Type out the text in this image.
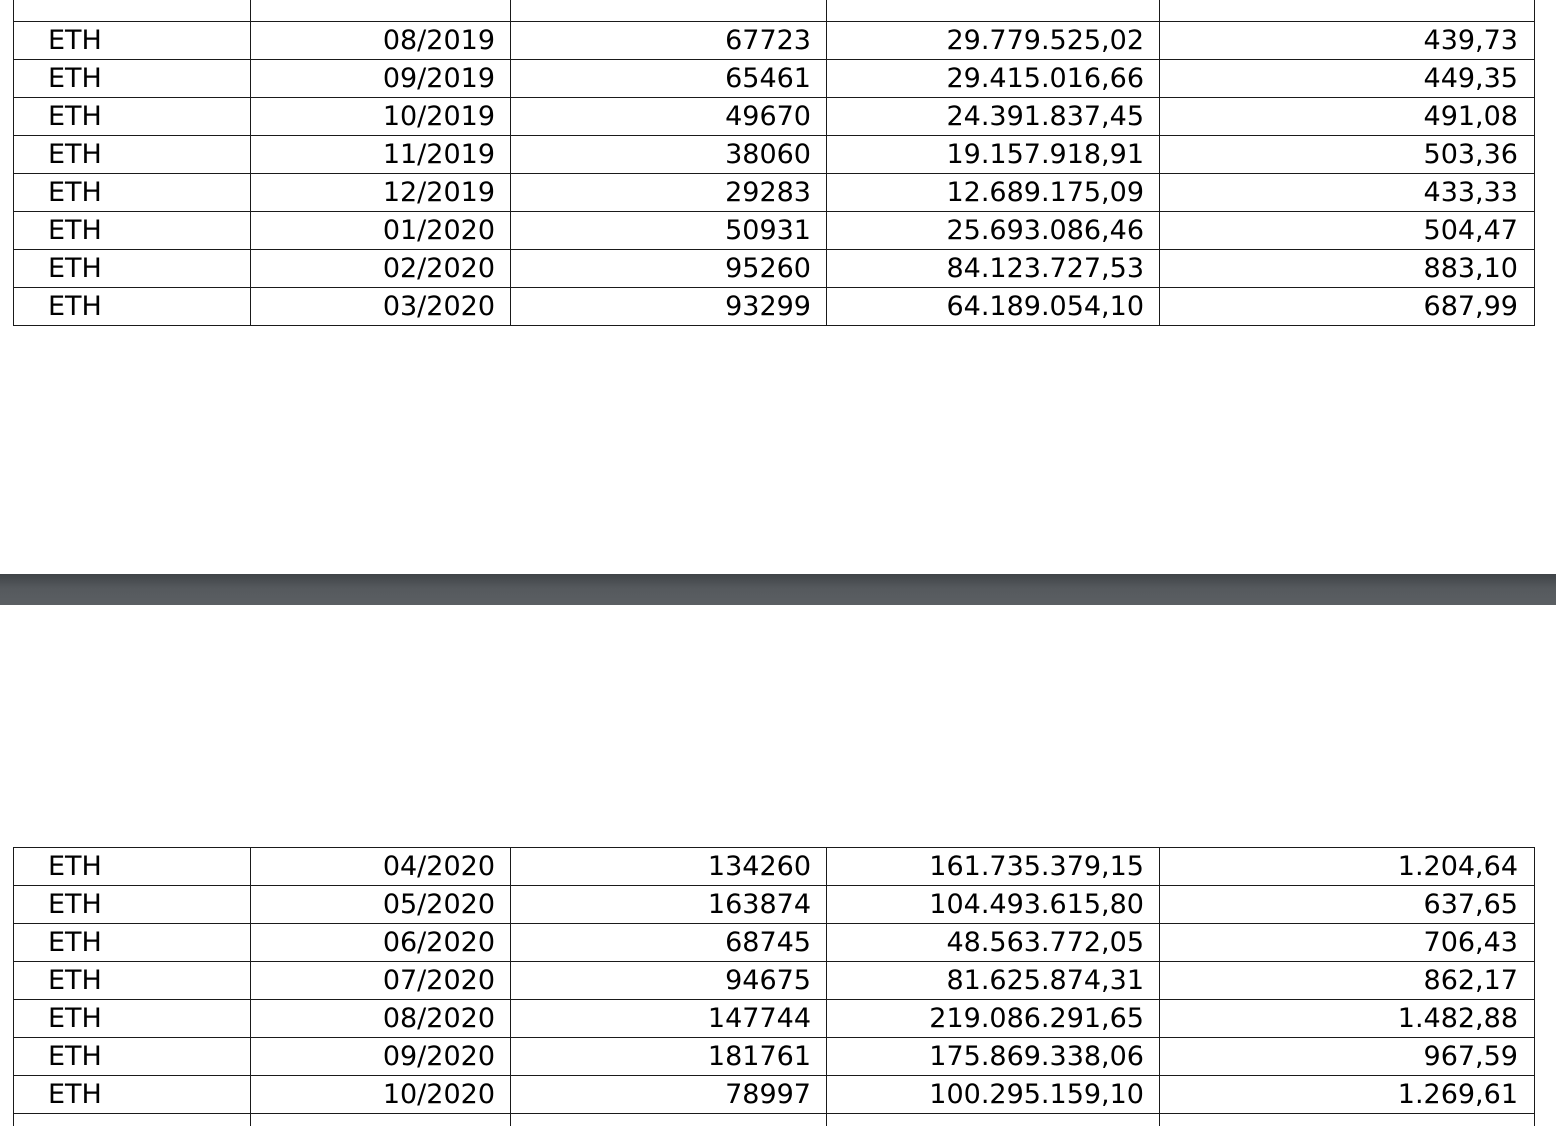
ETH	08/2019	67723	29.779.525,02	439,73
ETH	09/2019	65461	29.415.016,66	449,35
ETH	10/2019	49670	24.391.837,45	491,08
ETH	11/2019	38060	19.157.918,91	503,36
ETH	12/2019	29283	12.689.175,09	433,33
ETH	01/2020	50931	25.693.086,46	504,47
ETH	02/2020	95260	84.123.727,53	883,10
ETH	03/2020	93299	64.189.054,10	687,99
ETH	04/2020	134260	161.735.379,15	1.204,64
ETH	05/2020	163874	104.493.615,80	637,65
ETH	06/2020	68745	48.563.772,05	706,43
ETH	07/2020	94675	81.625.874,31	862,17
ETH	08/2020	147744	219.086.291,65	1.482,88
ETH	09/2020	181761	175.869.338,06	967,59
ETH	10/2020	78997	100.295.159,10	1.269,61
